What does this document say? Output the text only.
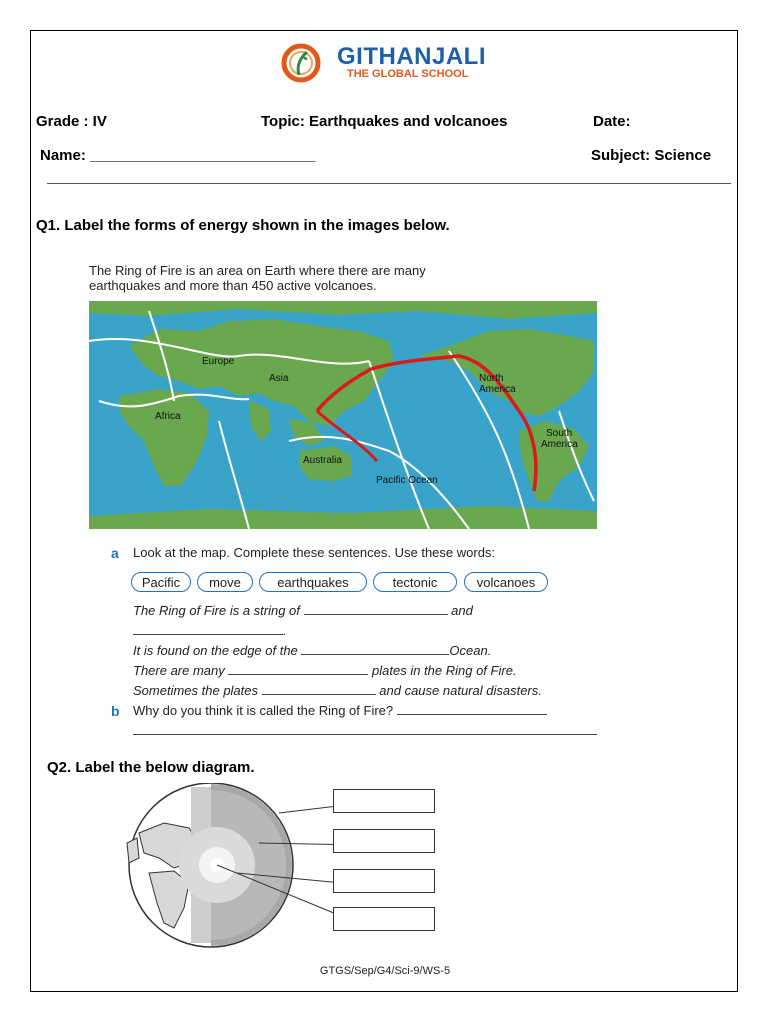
GITHANJALI
THE GLOBAL SCHOOL
Grade : IV	Topic: Earthquakes and volcanoes	Date:
Name: ___________________________	Subject: Science
Q1. Label the forms of energy shown in the images below.
The Ring of Fire is an area on Earth where there are many
earthquakes and more than 450 active volcanoes.
Europe
Asia
Africa
Australia
Pacific Ocean
North America
South America
a Look at the map. Complete these sentences. Use these words:
Pacific	move	earthquakes	tectonic	volcanoes
The Ring of Fire is a string of	and
.
It is found on the edge of the	Ocean.
There are many	plates in the Ring of Fire.
Sometimes the plates	and cause natural disasters.
b Why do you think it is called the Ring of Fire?
Q2. Label the below diagram.
GTGS/Sep/G4/Sci-9/WS-5
